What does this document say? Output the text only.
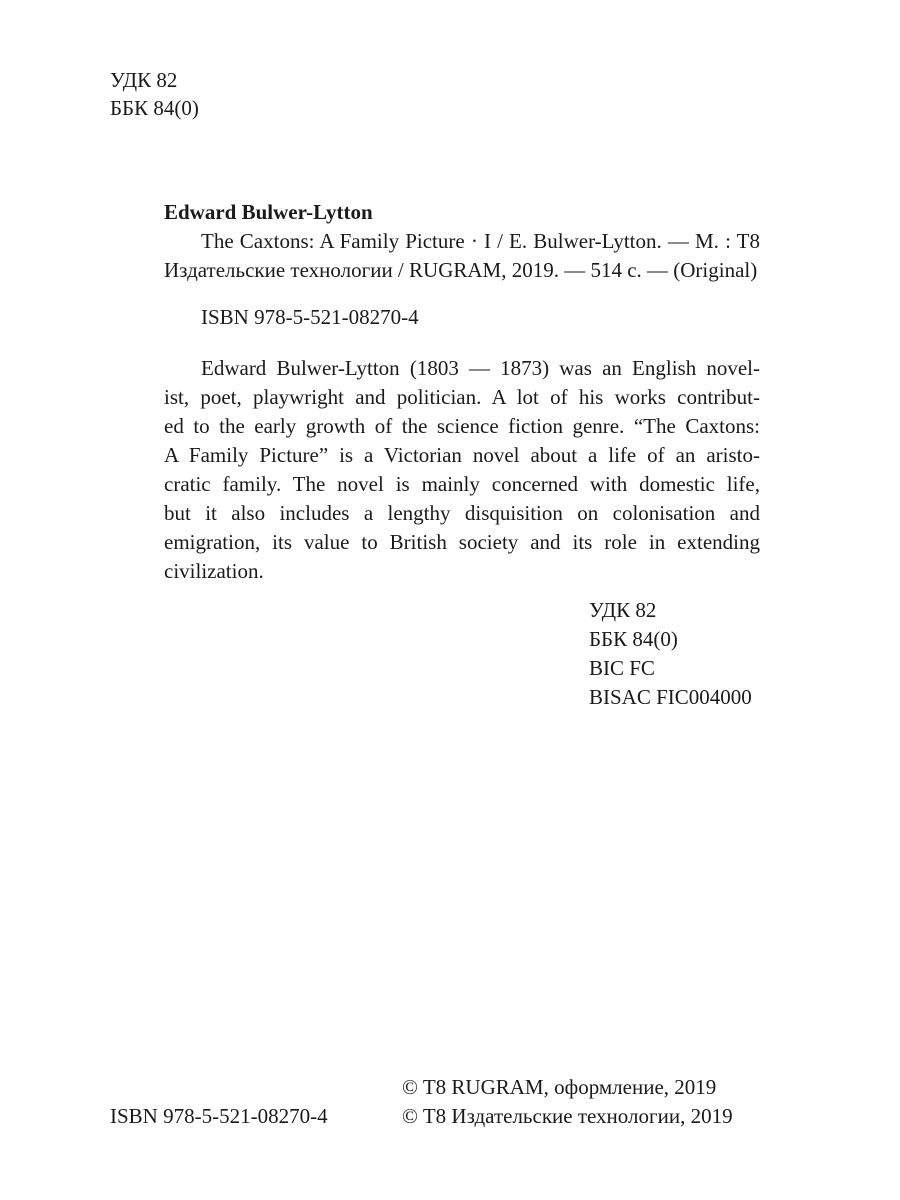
УДК 82
ББК 84(0)
Edward Bulwer-Lytton
The Caxtons: A Family Picture · I / E. Bulwer-Lytton. — M. : T8
Издательские технологии / RUGRAM, 2019. — 514 c. — (Original)
ISBN 978-5-521-08270-4
Edward Bulwer-Lytton (1803 — 1873) was an English novel-
ist, poet, playwright and politician. A lot of his works contribut-
ed to the early growth of the science fiction genre. “The Caxtons:
A Family Picture” is a Victorian novel about a life of an aristo-
cratic family. The novel is mainly concerned with domestic life,
but it also includes a lengthy disquisition on colonisation and
emigration, its value to British society and its role in extending
civilization.
УДК 82
ББК 84(0)
BIC FC
BISAC FIC004000
ISBN 978-5-521-08270-4
© T8 RUGRAM, оформление, 2019
© T8 Издательские технологии, 2019
